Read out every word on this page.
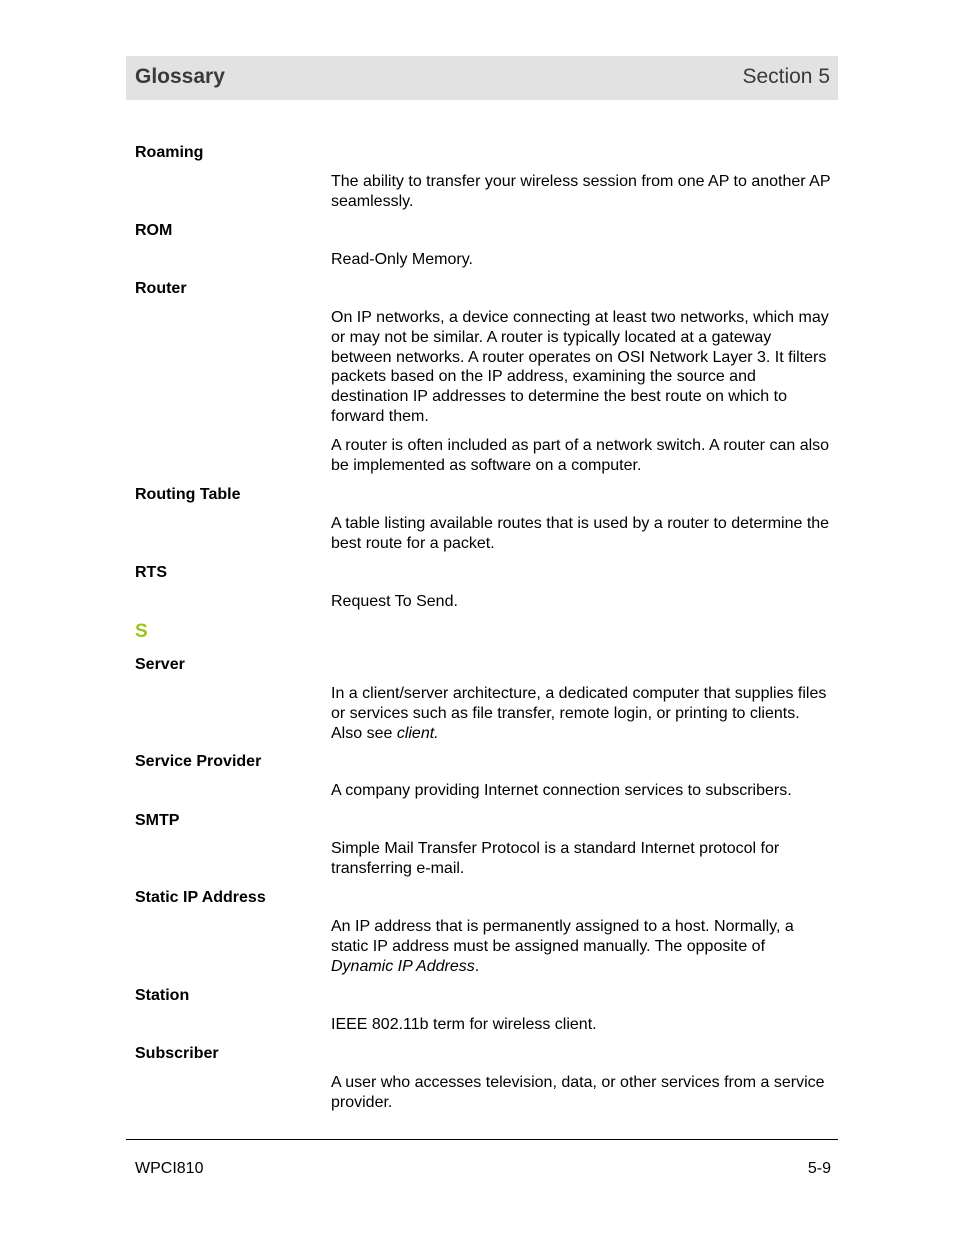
Glossary	Section 5
Roaming
The ability to transfer your wireless session from one AP to another AP seamlessly.
ROM
Read-Only Memory.
Router
On IP networks, a device connecting at least two networks, which may or may not be similar. A router is typically located at a gateway between networks. A router operates on OSI Network Layer 3. It filters packets based on the IP address, examining the source and destination IP addresses to determine the best route on which to forward them.
A router is often included as part of a network switch. A router can also be implemented as software on a computer.
Routing Table
A table listing available routes that is used by a router to determine the best route for a packet.
RTS
Request To Send.
S
Server
In a client/server architecture, a dedicated computer that supplies files or services such as file transfer, remote login, or printing to clients. Also see client.
Service Provider
A company providing Internet connection services to subscribers.
SMTP
Simple Mail Transfer Protocol is a standard Internet protocol for transferring e-mail.
Static IP Address
An IP address that is permanently assigned to a host. Normally, a static IP address must be assigned manually. The opposite of Dynamic IP Address.
Station
IEEE 802.11b term for wireless client.
Subscriber
A user who accesses television, data, or other services from a service provider.
WPCI810	5-9
